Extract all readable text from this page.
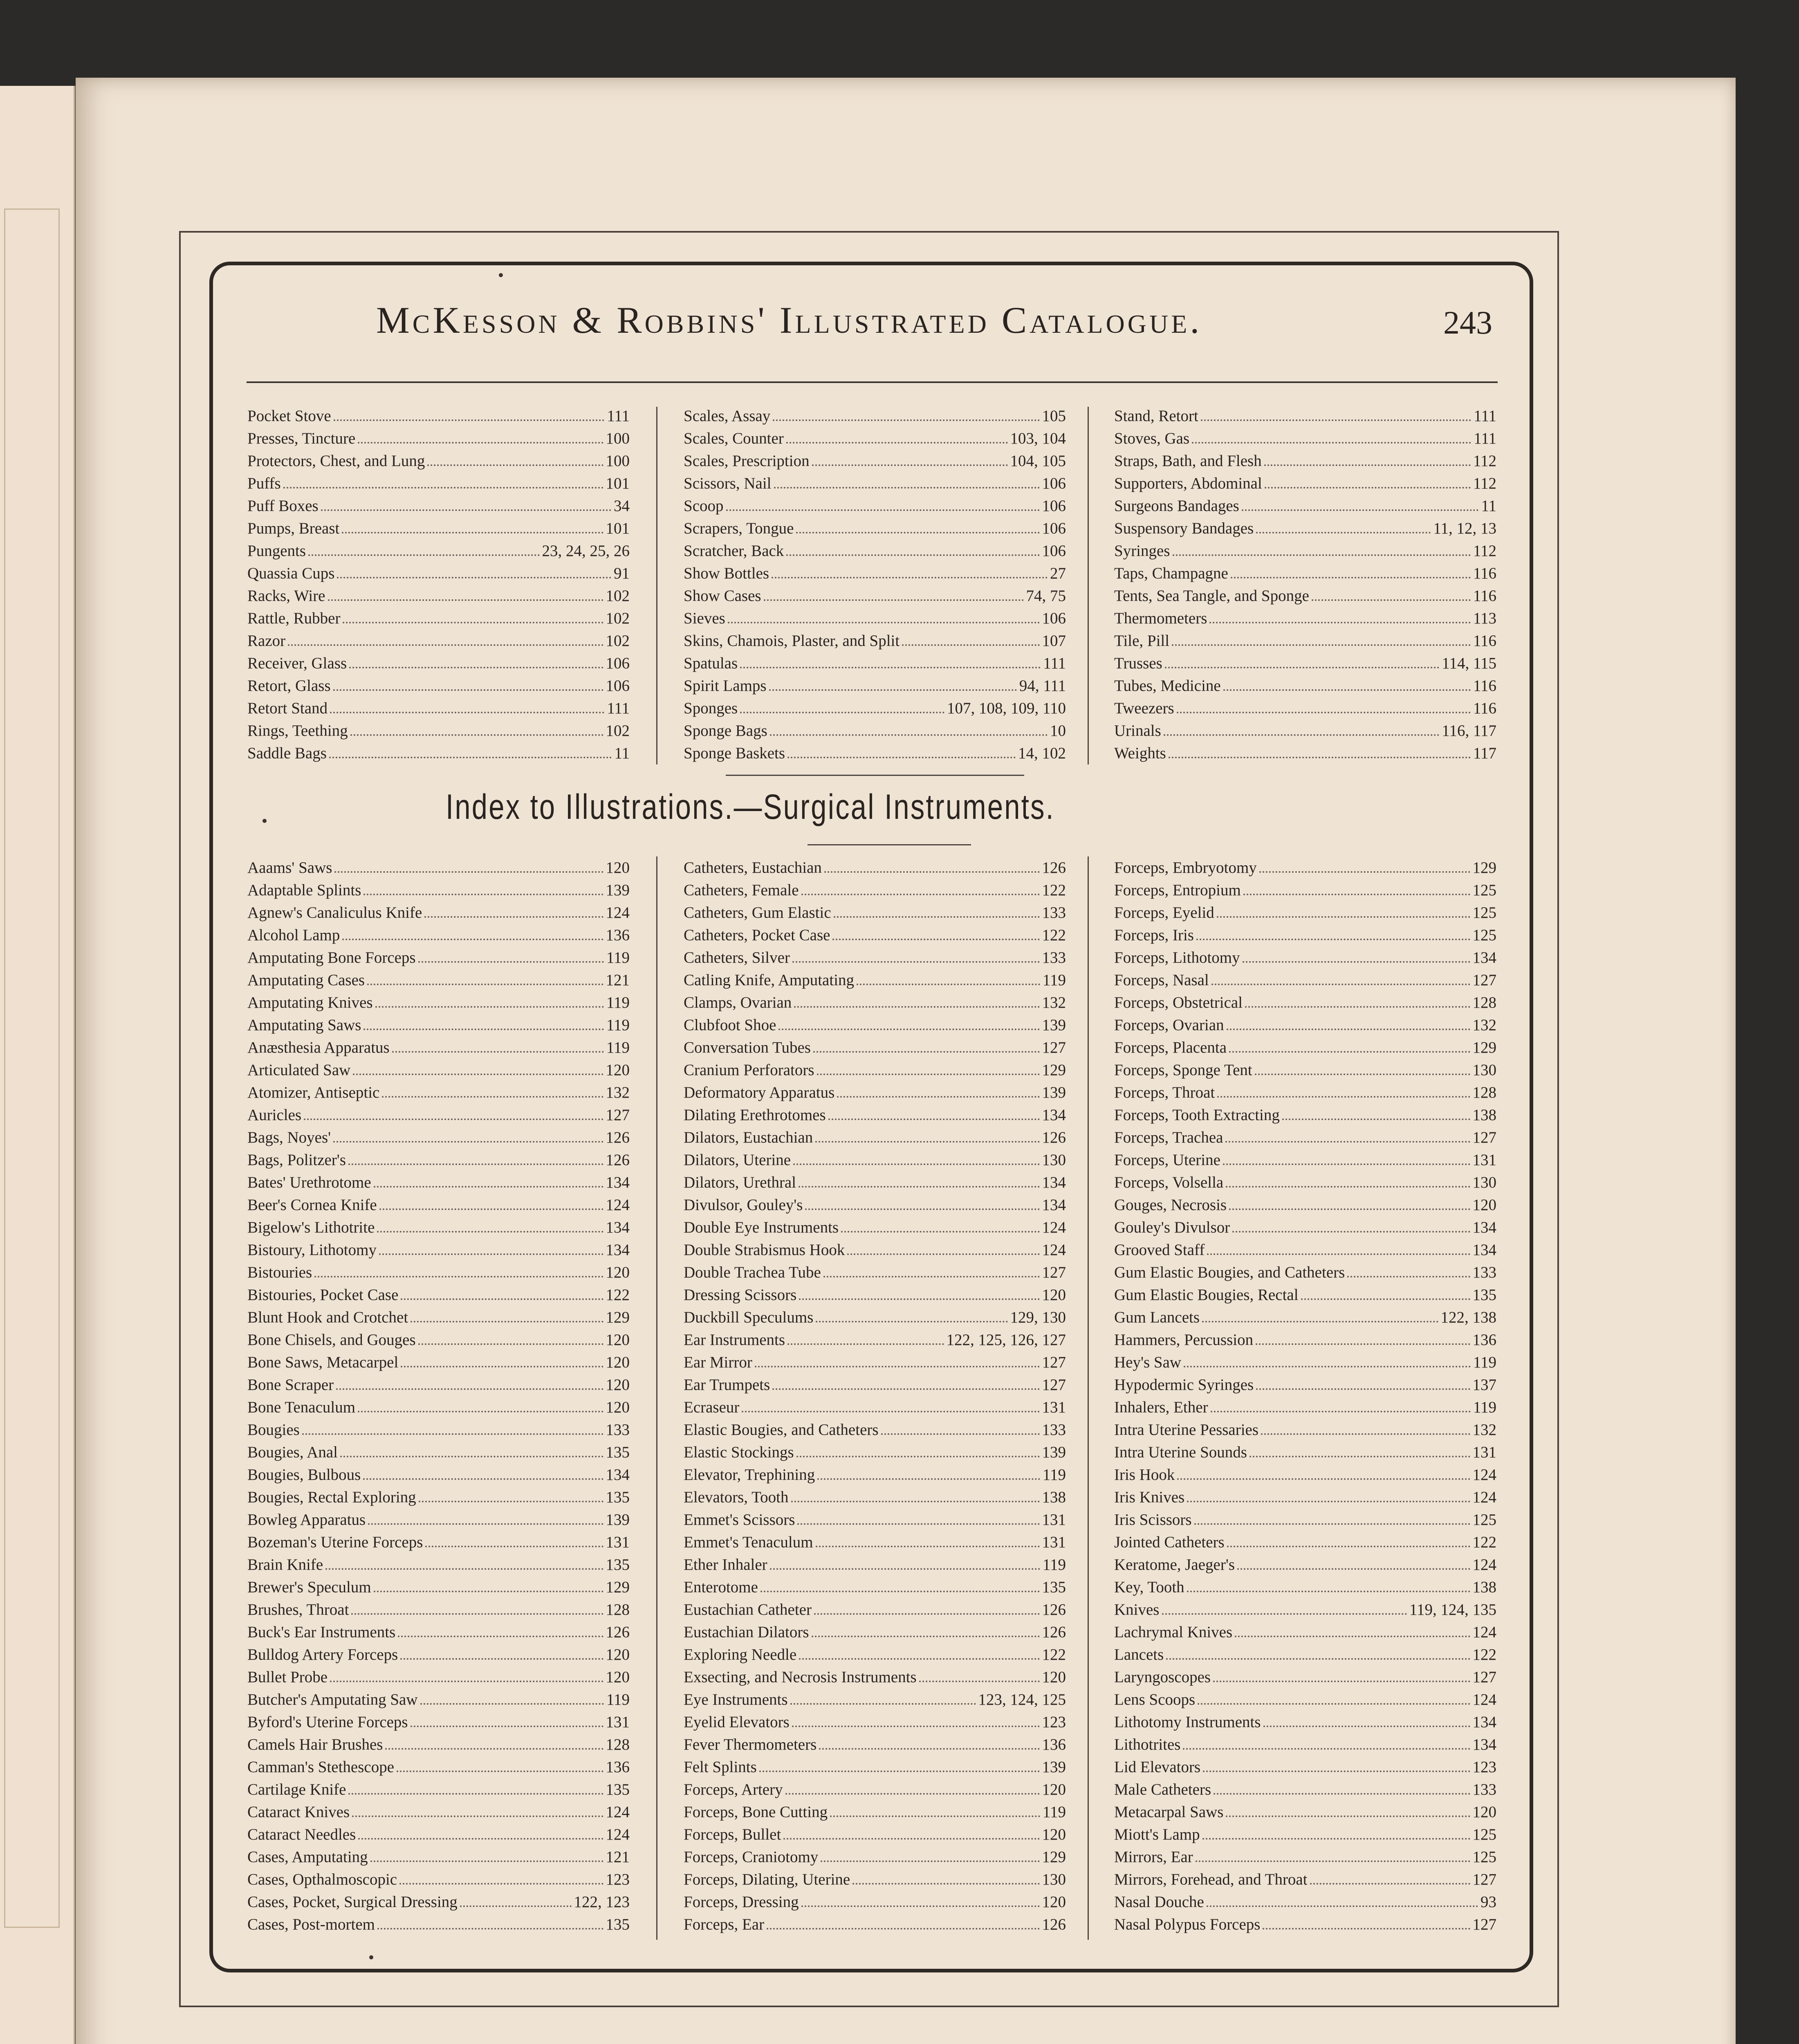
McKesson & Robbins' Illustrated Catalogue.	243
Index to Illustrations.—Surgical Instruments.
Pocket Stove	111
Presses, Tincture	100
Protectors, Chest, and Lung	100
Puffs	101
Puff Boxes	34
Pumps, Breast	101
Pungents	23, 24, 25, 26
Quassia Cups	91
Racks, Wire	102
Rattle, Rubber	102
Razor	102
Receiver, Glass	106
Retort, Glass	106
Retort Stand	111
Rings, Teething	102
Saddle Bags	11
Scales, Assay	105
Scales, Counter	103, 104
Scales, Prescription	104, 105
Scissors, Nail	106
Scoop	106
Scrapers, Tongue	106
Scratcher, Back	106
Show Bottles	27
Show Cases	74, 75
Sieves	106
Skins, Chamois, Plaster, and Split	107
Spatulas	111
Spirit Lamps	94, 111
Sponges	107, 108, 109, 110
Sponge Bags	10
Sponge Baskets	14, 102
Stand, Retort	111
Stoves, Gas	111
Straps, Bath, and Flesh	112
Supporters, Abdominal	112
Surgeons Bandages	11
Suspensory Bandages	11, 12, 13
Syringes	112
Taps, Champagne	116
Tents, Sea Tangle, and Sponge	116
Thermometers	113
Tile, Pill	116
Trusses	114, 115
Tubes, Medicine	116
Tweezers	116
Urinals	116, 117
Weights	117
Aaams' Saws	120
Adaptable Splints	139
Agnew's Canaliculus Knife	124
Alcohol Lamp	136
Amputating Bone Forceps	119
Amputating Cases	121
Amputating Knives	119
Amputating Saws	119
Anæsthesia Apparatus	119
Articulated Saw	120
Atomizer, Antiseptic	132
Auricles	127
Bags, Noyes'	126
Bags, Politzer's	126
Bates' Urethrotome	134
Beer's Cornea Knife	124
Bigelow's Lithotrite	134
Bistoury, Lithotomy	134
Bistouries	120
Bistouries, Pocket Case	122
Blunt Hook and Crotchet	129
Bone Chisels, and Gouges	120
Bone Saws, Metacarpel	120
Bone Scraper	120
Bone Tenaculum	120
Bougies	133
Bougies, Anal	135
Bougies, Bulbous	134
Bougies, Rectal Exploring	135
Bowleg Apparatus	139
Bozeman's Uterine Forceps	131
Brain Knife	135
Brewer's Speculum	129
Brushes, Throat	128
Buck's Ear Instruments	126
Bulldog Artery Forceps	120
Bullet Probe	120
Butcher's Amputating Saw	119
Byford's Uterine Forceps	131
Camels Hair Brushes	128
Camman's Stethescope	136
Cartilage Knife	135
Cataract Knives	124
Cataract Needles	124
Cases, Amputating	121
Cases, Opthalmoscopic	123
Cases, Pocket, Surgical Dressing	122, 123
Cases, Post-mortem	135
Catheters, Eustachian	126
Catheters, Female	122
Catheters, Gum Elastic	133
Catheters, Pocket Case	122
Catheters, Silver	133
Catling Knife, Amputating	119
Clamps, Ovarian	132
Clubfoot Shoe	139
Conversation Tubes	127
Cranium Perforators	129
Deformatory Apparatus	139
Dilating Erethrotomes	134
Dilators, Eustachian	126
Dilators, Uterine	130
Dilators, Urethral	134
Divulsor, Gouley's	134
Double Eye Instruments	124
Double Strabismus Hook	124
Double Trachea Tube	127
Dressing Scissors	120
Duckbill Speculums	129, 130
Ear Instruments	122, 125, 126, 127
Ear Mirror	127
Ear Trumpets	127
Ecraseur	131
Elastic Bougies, and Catheters	133
Elastic Stockings	139
Elevator, Trephining	119
Elevators, Tooth	138
Emmet's Scissors	131
Emmet's Tenaculum	131
Ether Inhaler	119
Enterotome	135
Eustachian Catheter	126
Eustachian Dilators	126
Exploring Needle	122
Exsecting, and Necrosis Instruments	120
Eye Instruments	123, 124, 125
Eyelid Elevators	123
Fever Thermometers	136
Felt Splints	139
Forceps, Artery	120
Forceps, Bone Cutting	119
Forceps, Bullet	120
Forceps, Craniotomy	129
Forceps, Dilating, Uterine	130
Forceps, Dressing	120
Forceps, Ear	126
Forceps, Embryotomy	129
Forceps, Entropium	125
Forceps, Eyelid	125
Forceps, Iris	125
Forceps, Lithotomy	134
Forceps, Nasal	127
Forceps, Obstetrical	128
Forceps, Ovarian	132
Forceps, Placenta	129
Forceps, Sponge Tent	130
Forceps, Throat	128
Forceps, Tooth Extracting	138
Forceps, Trachea	127
Forceps, Uterine	131
Forceps, Volsella	130
Gouges, Necrosis	120
Gouley's Divulsor	134
Grooved Staff	134
Gum Elastic Bougies, and Catheters	133
Gum Elastic Bougies, Rectal	135
Gum Lancets	122, 138
Hammers, Percussion	136
Hey's Saw	119
Hypodermic Syringes	137
Inhalers, Ether	119
Intra Uterine Pessaries	132
Intra Uterine Sounds	131
Iris Hook	124
Iris Knives	124
Iris Scissors	125
Jointed Catheters	122
Keratome, Jaeger's	124
Key, Tooth	138
Knives	119, 124, 135
Lachrymal Knives	124
Lancets	122
Laryngoscopes	127
Lens Scoops	124
Lithotomy Instruments	134
Lithotrites	134
Lid Elevators	123
Male Catheters	133
Metacarpal Saws	120
Miott's Lamp	125
Mirrors, Ear	125
Mirrors, Forehead, and Throat	127
Nasal Douche	93
Nasal Polypus Forceps	127
